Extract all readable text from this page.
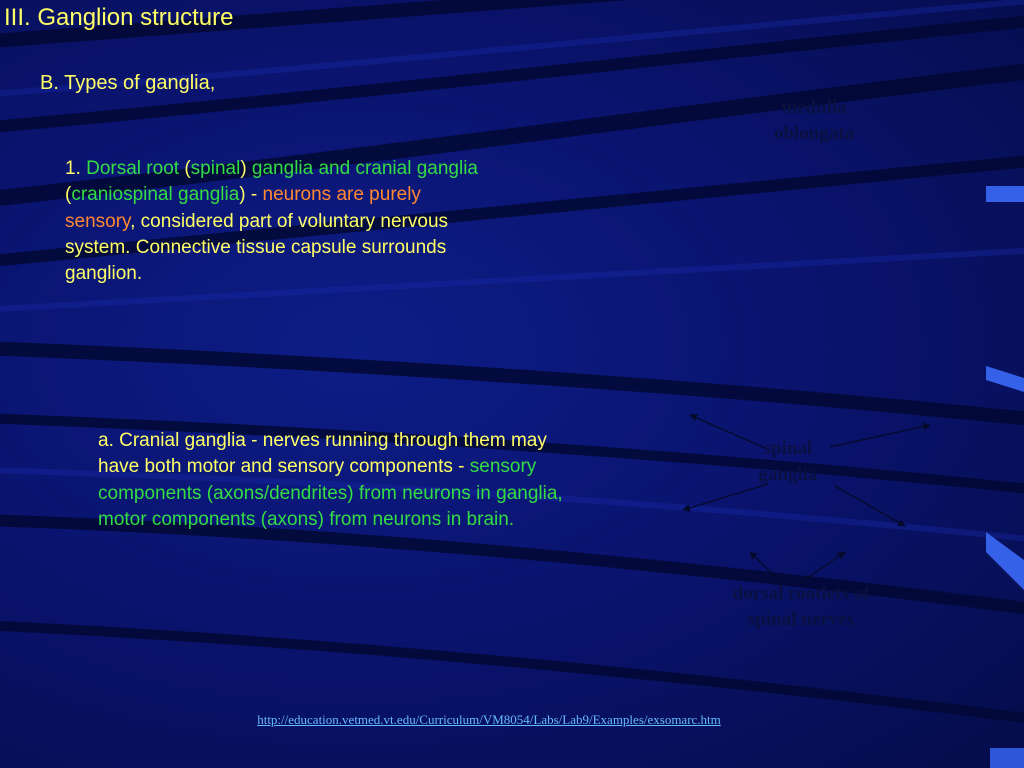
III. Ganglion structure
B. Types of ganglia,
1. Dorsal root (spinal) ganglia and cranial ganglia (craniospinal ganglia) - neurons are purely sensory, considered part of voluntary nervous system. Connective tissue capsule surrounds ganglion.
a. Cranial ganglia - nerves running through them may have both motor and sensory components - sensory components (axons/dendrites) from neurons in ganglia, motor components (axons) from neurons in brain.
medulla
oblongata
spinal
ganglia
dorsal rootlets of
spinal nerves
http://education.vetmed.vt.edu/Curriculum/VM8054/Labs/Lab9/Examples/exsomarc.htm
